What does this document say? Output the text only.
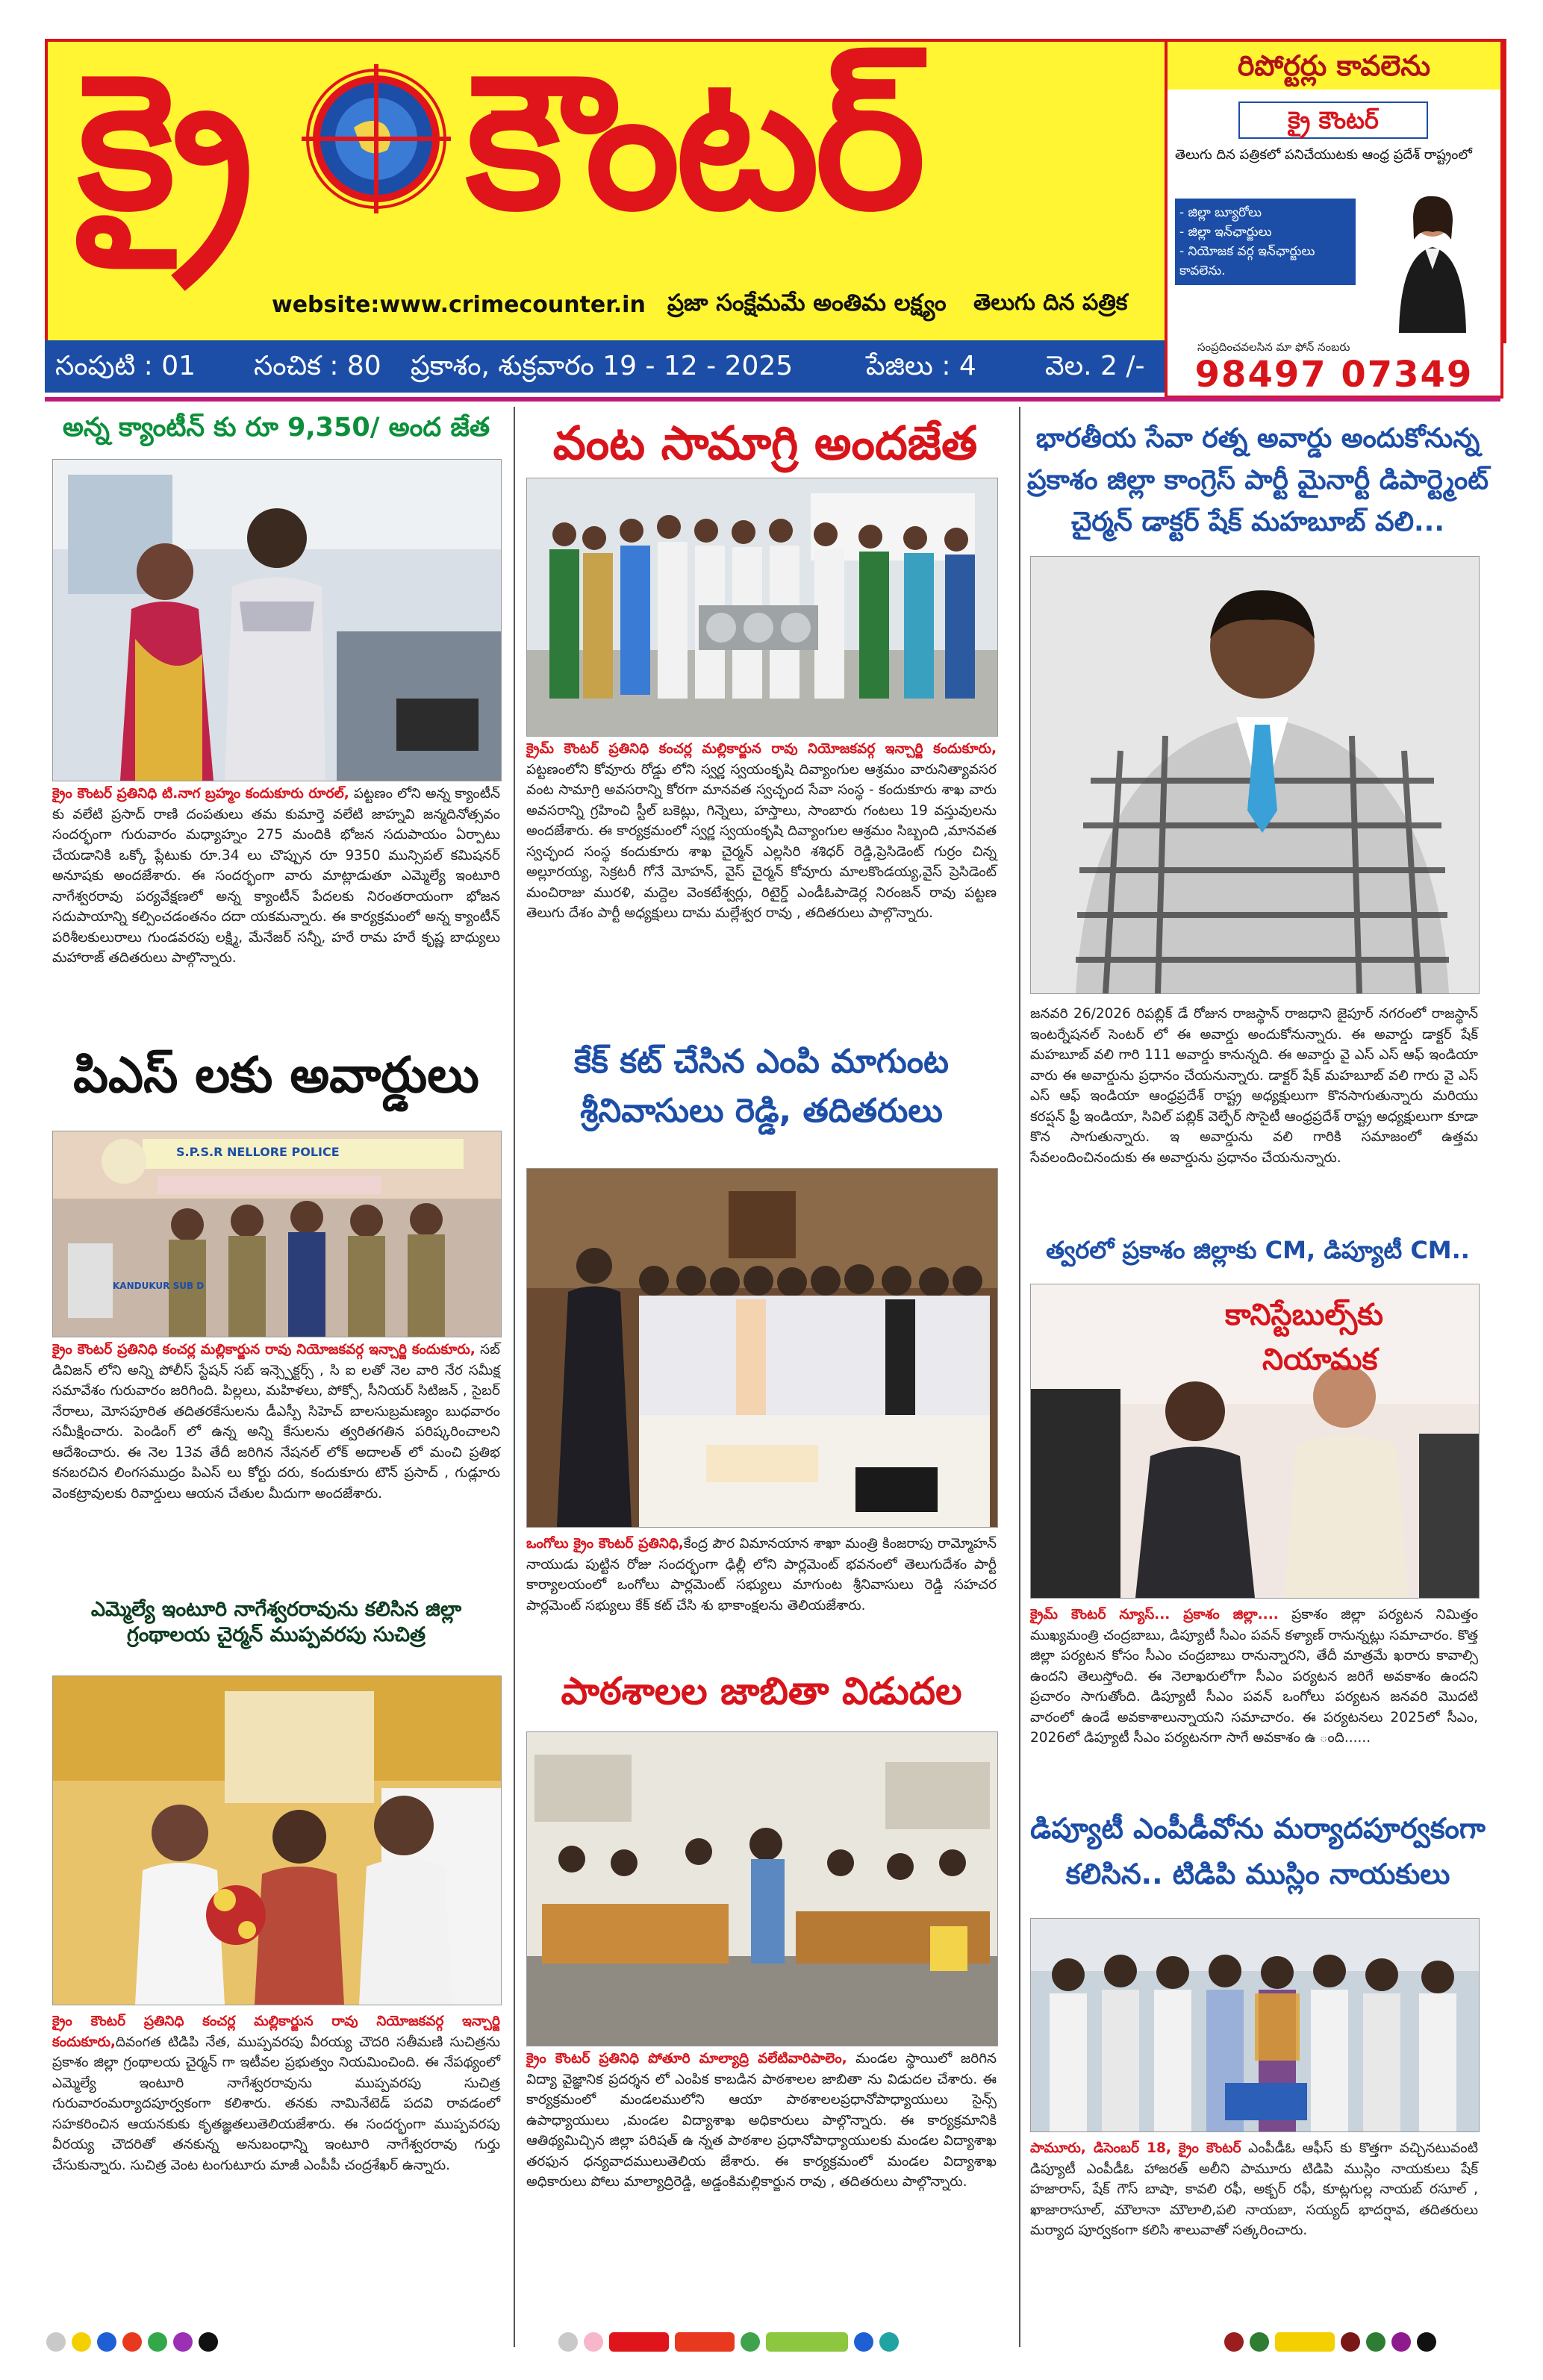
క్రై కౌంటర్
website:www.crimecounter.in ప్రజా సంక్షేమమే అంతిమ లక్ష్యం తెలుగు దిన పత్రిక
రిపోర్టర్లు కావలెను
క్రై కౌంటర్
తెలుగు దిన పత్రికలో పనిచేయుటకు ఆంధ్ర ప్రదేశ్ రాష్ట్రంలో
- జిల్లా బ్యూరోలు
- జిల్లా ఇన్‌ఛార్జులు
- నియోజక వర్గ ఇన్‌ఛార్జులు
కావలెను.
సంపుటి : 01 సంచిక : 80 ప్రకాశం, శుక్రవారం 19 - 12 - 2025	పేజిలు : 4	వెల. 2 /-
సంప్రదించవలసిన మా ఫోన్ నంబరు
98497 07349
అన్న క్యాంటీన్ కు రూ 9,350/ అంద జేత
క్రైం కౌంటర్ ప్రతినిధి టి.నాగ బ్రహ్మం కందుకూరు రూరల్, పట్టణం లోని అన్న క్యాంటీన్ కు వలేటి ప్రసాద్ రాణి దంపతులు తమ కుమార్తె వలేటి జాహ్నవి జన్మదినోత్సవం సందర్భంగా గురువారం మధ్యాహ్నం 275 మందికి భోజన సదుపాయం ఏర్పాటు చేయడానికి ఒక్కో ప్లేటుకు రూ.34 లు చొప్పున రూ 9350 మున్సిపల్ కమిషనర్ అనూషకు అందజేశారు. ఈ సందర్భంగా వారు మాట్లాడుతూ ఎమ్మెల్యే ఇంటూరి నాగేశ్వరరావు పర్యవేక్షణలో అన్న క్యాంటీన్ పేదలకు నిరంతరాయంగా భోజన సదుపాయాన్ని కల్పించడంతనం దదా యకమన్నారు. ఈ కార్యక్రమంలో అన్న క్యాంటీన్ పరిశీలకులురాలు గుండవరపు లక్ష్మి, మేనేజర్ సన్నీ, హరే రామ హరే కృష్ణ బాధ్యులు మహారాజ్ తదితరులు పాల్గొన్నారు.
పిఎస్ లకు అవార్డులు
S.P.S.R NELLORE POLICE
KANDUKUR SUB D
క్రైం కౌంటర్ ప్రతినిధి కంచర్ల మల్లికార్జున రావు నియోజకవర్గ ఇన్చార్జి కందుకూరు, సబ్ డివిజన్ లోని అన్ని పోలీస్ స్టేషన్ సబ్ ఇన్స్పెక్టర్స్ , సి ఐ లతో నెల వారి నేర సమీక్ష సమావేశం గురువారం జరిగింది. పిల్లలు, మహిళలు, పోక్సో, సీనియర్ సిటిజన్ , సైబర్ నేరాలు, మోసపూరిత తదితరకేసులను డీఎస్పీ సిహెచ్ బాలసుబ్రమణ్యం బుధవారం సమీక్షించారు. పెండింగ్ లో ఉన్న అన్ని కేసులను త్వరితగతిన పరిష్కరించాలని ఆదేశించారు. ఈ నెల 13వ తేదీ జరిగిన నేషనల్ లోక్ అదాలత్ లో మంచి ప్రతిభ కనబరచిన లింగసముద్రం పిఎస్ లు కోర్టు దరు, కందుకూరు టౌన్ ప్రసాద్ , గుడ్లూరు వెంకట్రావులకు రివార్డులు ఆయన చేతుల మీదుగా అందజేశారు.
ఎమ్మెల్యే ఇంటూరి నాగేశ్వరరావును కలిసిన జిల్లా గ్రంథాలయ చైర్మన్ ముప్పవరపు సుచిత్ర
క్రైం కౌంటర్ ప్రతినిధి కంచర్ల మల్లికార్జున రావు నియోజకవర్గ ఇన్చార్జి కందుకూరు,దివంగత టిడిపి నేత, ముప్పవరపు వీరయ్య చౌదరి సతీమణి సుచిత్రను ప్రకాశం జిల్లా గ్రంథాలయ చైర్మన్ గా ఇటీవల ప్రభుత్వం నియమించింది. ఈ నేపథ్యంలో ఎమ్మెల్యే ఇంటూరి నాగేశ్వరరావును ముప్పవరపు సుచిత్ర గురువారంమర్యాదపూర్వకంగా కలిశారు. తనకు నామినేటెడ్ పదవి రావడంలో సహకరించిన ఆయనకుకు కృతజ్ఞతలుతెలియజేశారు. ఈ సందర్భంగా ముప్పవరపు వీరయ్య చౌదరితో తనకున్న అనుబంధాన్ని ఇంటూరి నాగేశ్వరరావు గుర్తు చేసుకున్నారు. సుచిత్ర వెంట టంగుటూరు మాజీ ఎంపీపీ చంద్రశేఖర్ ఉన్నారు.
వంట సామాగ్రి అందజేత
క్రైమ్ కౌంటర్ ప్రతినిధి కంచర్ల మల్లికార్జున రావు నియోజకవర్గ ఇన్చార్జి కందుకూరు, పట్టణంలోని కోవూరు రోడ్డు లోని స్వర్ణ స్వయంకృషి దివ్యాంగుల ఆశ్రమం వారునిత్యావసర వంట సామాగ్రి అవసరాన్ని కోరగా మానవత స్వచ్ఛంద సేవా సంస్థ - కందుకూరు శాఖ వారు అవసరాన్ని గ్రహించి స్టీల్ బకెట్లు, గిన్నెలు, హస్తాలు, సాంబారు గంటలు 19 వస్తువులను అందజేశారు. ఈ కార్యక్రమంలో స్వర్ణ స్వయంకృషి దివ్యాంగుల ఆశ్రమం సిబ్బంది ,మానవత స్వచ్ఛంద సంస్థ కందుకూరు శాఖ చైర్మన్ ఎల్లసిరి శశిధర్ రెడ్డి,ప్రెసిడెంట్ గుర్రం చిన్న అల్లూరయ్య, సెక్రటరీ గోనే మోహన్, వైస్ చైర్మన్ కోవూరు మాలకొండయ్య,వైస్ ప్రెసిడెంట్ మంచిరాజు మురళి, మద్దెల వెంకటేశ్వర్లు, రిటైర్డ్ ఎండీఓపాడెర్ల నిరంజన్ రావు పట్టణ తెలుగు దేశం పార్టీ అధ్యక్షులు దామ మల్లేశ్వర రావు , తదితరులు పాల్గొన్నారు.
కేక్ కట్ చేసిన ఎంపి మాగుంట శ్రీనివాసులు రెడ్డి, తదితరులు
ఒంగోలు క్రైం కౌంటర్ ప్రతినిధి,కేంద్ర పౌర విమానయాన శాఖా మంత్రి కింజరాపు రామ్మోహన్ నాయుడు పుట్టిన రోజు సందర్భంగా ఢిల్లీ లోని పార్లమెంట్ భవనంలో తెలుగుదేశం పార్టీ కార్యాలయంలో ఒంగోలు పార్లమెంట్ సభ్యులు మాగుంట శ్రీనివాసులు రెడ్డి సహచర పార్లమెంట్ సభ్యులు కేక్ కట్ చేసి శు భాకాంక్షలను తెలియజేశారు.
పాఠశాలల జాబితా విడుదల
క్రైం కౌంటర్ ప్రతినిధి పోతూరి మాల్యాద్రి వలేటివారిపాలెం, మండల స్థాయిలో జరిగిన విద్యా వైజ్ఞానిక ప్రదర్శన లో ఎంపిక కాబడిన పాఠశాలల జాబితా ను విడుదల చేశారు. ఈ కార్యక్రమంలో మండలములోని ఆయా పాఠశాలలప్రధానోపాధ్యాయులు సైన్స్ ఉపాధ్యాయులు ,మండల విద్యాశాఖ అధికారులు పాల్గొన్నారు. ఈ కార్యక్రమానికి ఆతిథ్యమిచ్చిన జిల్లా పరిషత్ ఉ న్నత పాఠశాల ప్రధానోపాధ్యాయులకు మండల విద్యాశాఖ తరఫున ధన్యవాదములుతెలియ జేశారు. ఈ కార్యక్రమంలో మండల విద్యాశాఖ అధికారులు పోలు మాల్యాద్రిరెడ్డి, అడ్డంకిమల్లికార్జున రావు , తదితరులు పాల్గొన్నారు.
భారతీయ సేవా రత్న అవార్డు అందుకోనున్న ప్రకాశం జిల్లా కాంగ్రెస్ పార్టీ మైనార్టీ డిపార్ట్మెంట్ చైర్మన్ డాక్టర్ షేక్ మహబూబ్ వలి...
జనవరి 26/2026 రిపబ్లిక్ డే రోజున రాజస్థాన్ రాజధాని జైపూర్ నగరంలో రాజస్థాన్ ఇంటర్నేషనల్ సెంటర్ లో ఈ అవార్డు అందుకోనున్నారు. ఈ అవార్డు డాక్టర్ షేక్ మహబూబ్ వలి గారి 111 అవార్డు కానున్నది. ఈ అవార్డు వై ఎస్ ఎస్ ఆఫ్ ఇండియా వారు ఈ అవార్డును ప్రధానం చేయనున్నారు. డాక్టర్ షేక్ మహబూబ్ వలి గారు వై ఎస్ ఎస్ ఆఫ్ ఇండియా ఆంధ్రప్రదేశ్ రాష్ట్ర అధ్యక్షులుగా కొనసాగుతున్నారు మరియు కరప్షన్ ఫ్రీ ఇండియా, సివిల్ పబ్లిక్ వెల్ఫేర్ సొసైటీ ఆంధ్రప్రదేశ్ రాష్ట్ర అధ్యక్షులుగా కూడా కొన సాగుతున్నారు. ఇ అవార్డును వలి గారికి సమాజంలో ఉత్తమ సేవలందించినందుకు ఈ అవార్డును ప్రధానం చేయనున్నారు.
త్వరలో ప్రకాశం జిల్లాకు CM, డిప్యూటీ CM..
కానిస్టేబుల్స్‌కు
నియామక
క్రైమ్ కౌంటర్ న్యూస్... ప్రకాశం జిల్లా.... ప్రకాశం జిల్లా పర్యటన నిమిత్తం ముఖ్యమంత్రి చంద్రబాబు, డిప్యూటీ సీఎం పవన్ కళ్యాణ్ రానున్నట్లు సమాచారం. కొత్త జిల్లా పర్యటన కోసం సీఎం చంద్రబాబు రానున్నారని, తేదీ మాత్రమే ఖరారు కావాల్సి ఉందని తెలుస్తోంది. ఈ నెలాఖరులోగా సీఎం పర్యటన జరిగే అవకాశం ఉందని ప్రచారం సాగుతోంది. డిప్యూటీ సీఎం పవన్ ఒంగోలు పర్యటన జనవరి మొదటి వారంలో ఉండే అవకాశాలున్నాయని సమాచారం. ఈ పర్యటనలు 2025లో సీఎం, 2026లో డిప్యూటీ సీఎం పర్యటనగా సాగే అవకాశం ఉ ంది......
డిప్యూటీ ఎంపీడీవోను మర్యాదపూర్వకంగా కలిసిన.. టిడిపి ముస్లిం నాయకులు
పామూరు, డిసెంబర్ 18, క్రైం కౌంటర్ ఎంపీడీఓ ఆఫీస్ కు కొత్తగా వచ్చినటువంటి డిప్యూటీ ఎంపీడీఓ హాజరత్ అలీని పామూరు టిడిపి ముస్లిం నాయకులు షేక్ హజారాస్, షేక్ గౌస్ బాషా, కావలి రఫీ, అక్బర్ రఫీ, కూట్లగుల్ల నాయబ్ రసూల్ , ఖాజారాసూల్, మౌలానా మౌలాలి,పలి నాయబా, సయ్యద్ భాదర్షావ, తదితరులు మర్యాద పూర్వకంగా కలిసి శాలువాతో సత్కరించారు.
